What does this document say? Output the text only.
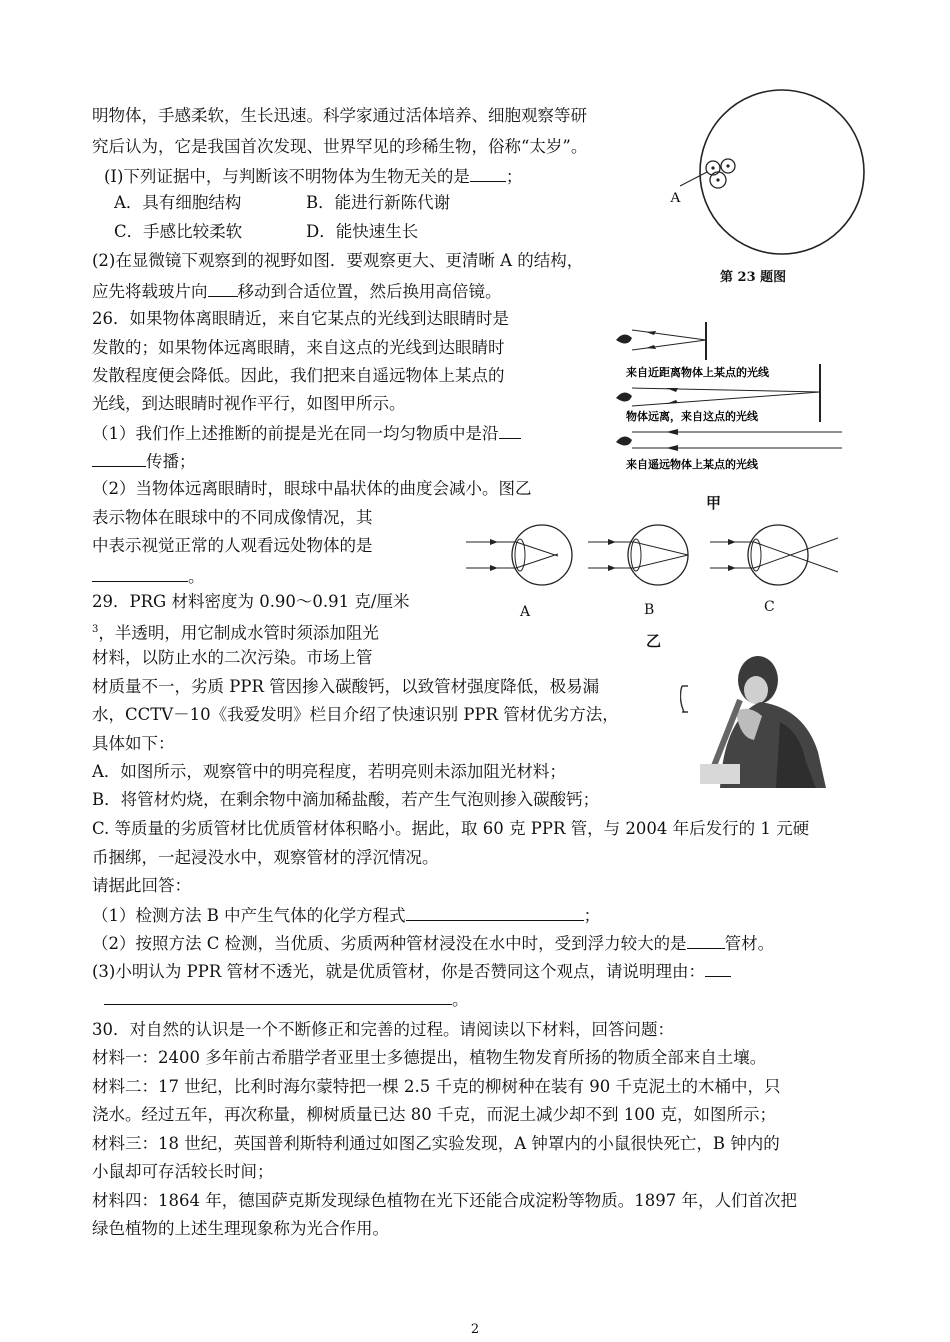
明物体，手感柔软，生长迅速。科学家通过活体培养、细胞观察等研
究后认为，它是我国首次发现、世界罕见的珍稀生物，俗称“太岁”。
(I)下列证据中，与判断该不明物体为生物无关的是 ；
A．具有细胞结构	B．能进行新陈代谢
C．手感比较柔软	D．能快速生长
(2)在显微镜下观察到的视野如图．要观察更大、更清晰 A 的结构，
应先将载玻片向 移动到合适位置，然后换用高倍镜。
A
第 23 题图
26．如果物体离眼睛近，来自它某点的光线到达眼睛时是
发散的；如果物体远离眼睛，来自这点的光线到达眼睛时
发散程度便会降低。因此，我们把来自遥远物体上某点的
光线，到达眼睛时视作平行，如图甲所示。
（1）我们作上述推断的前提是光在同一均匀物质中是沿
传播；
（2）当物体远离眼睛时，眼球中晶状体的曲度会减小。图乙
表示物体在眼球中的不同成像情况，其
中表示视觉正常的人观看远处物体的是
。
来自近距离物体上某点的光线
物体远离，来自这点的光线
来自遥远物体上某点的光线
甲
A	B	C
乙
29．PRG 材料密度为 0.90～0.91 克/厘米
$^3$，半透明，用它制成水管时须添加阻光
材料，以防止水的二次污染。市场上管
材质量不一，劣质 PPR 管因掺入碳酸钙，以致管材强度降低，极易漏
水，CCTV－10《我爱发明》栏目介绍了快速识别 PPR 管材优劣方法，
具体如下：
A．如图所示，观察管中的明亮程度，若明亮则未添加阻光材料；
B．将管材灼烧，在剩余物中滴加稀盐酸，若产生气泡则掺入碳酸钙；
C. 等质量的劣质管材比优质管材体积略小。据此，取 60 克 PPR 管，与 2004 年后发行的 1 元硬
币捆绑，一起浸没水中，观察管材的浮沉情况。
请据此回答：
（1）检测方法 B 中产生气体的化学方程式	；
（2）按照方法 C 检测，当优质、劣质两种管材浸没在水中时，受到浮力较大的是 管材。
(3)小明认为 PPR 管材不透光，就是优质管材，你是否赞同这个观点，请说明理由：
。
30．对自然的认识是一个不断修正和完善的过程。请阅读以下材料，回答问题：
材料一：2400 多年前古希腊学者亚里士多德提出，植物生物发育所扬的物质全部来自土壤。
材料二：17 世纪，比利时海尔蒙特把一棵 2.5 千克的柳树种在装有 90 千克泥土的木桶中，只
浇水。经过五年，再次称量，柳树质量已达 80 千克，而泥土减少却不到 100 克，如图所示；
材料三：18 世纪，英国普利斯特利通过如图乙实验发现，A 钟罩内的小鼠很快死亡，B 钟内的
小鼠却可存活较长时间；
材料四：1864 年，德国萨克斯发现绿色植物在光下还能合成淀粉等物质。1897 年，人们首次把
绿色植物的上述生理现象称为光合作用。
2
